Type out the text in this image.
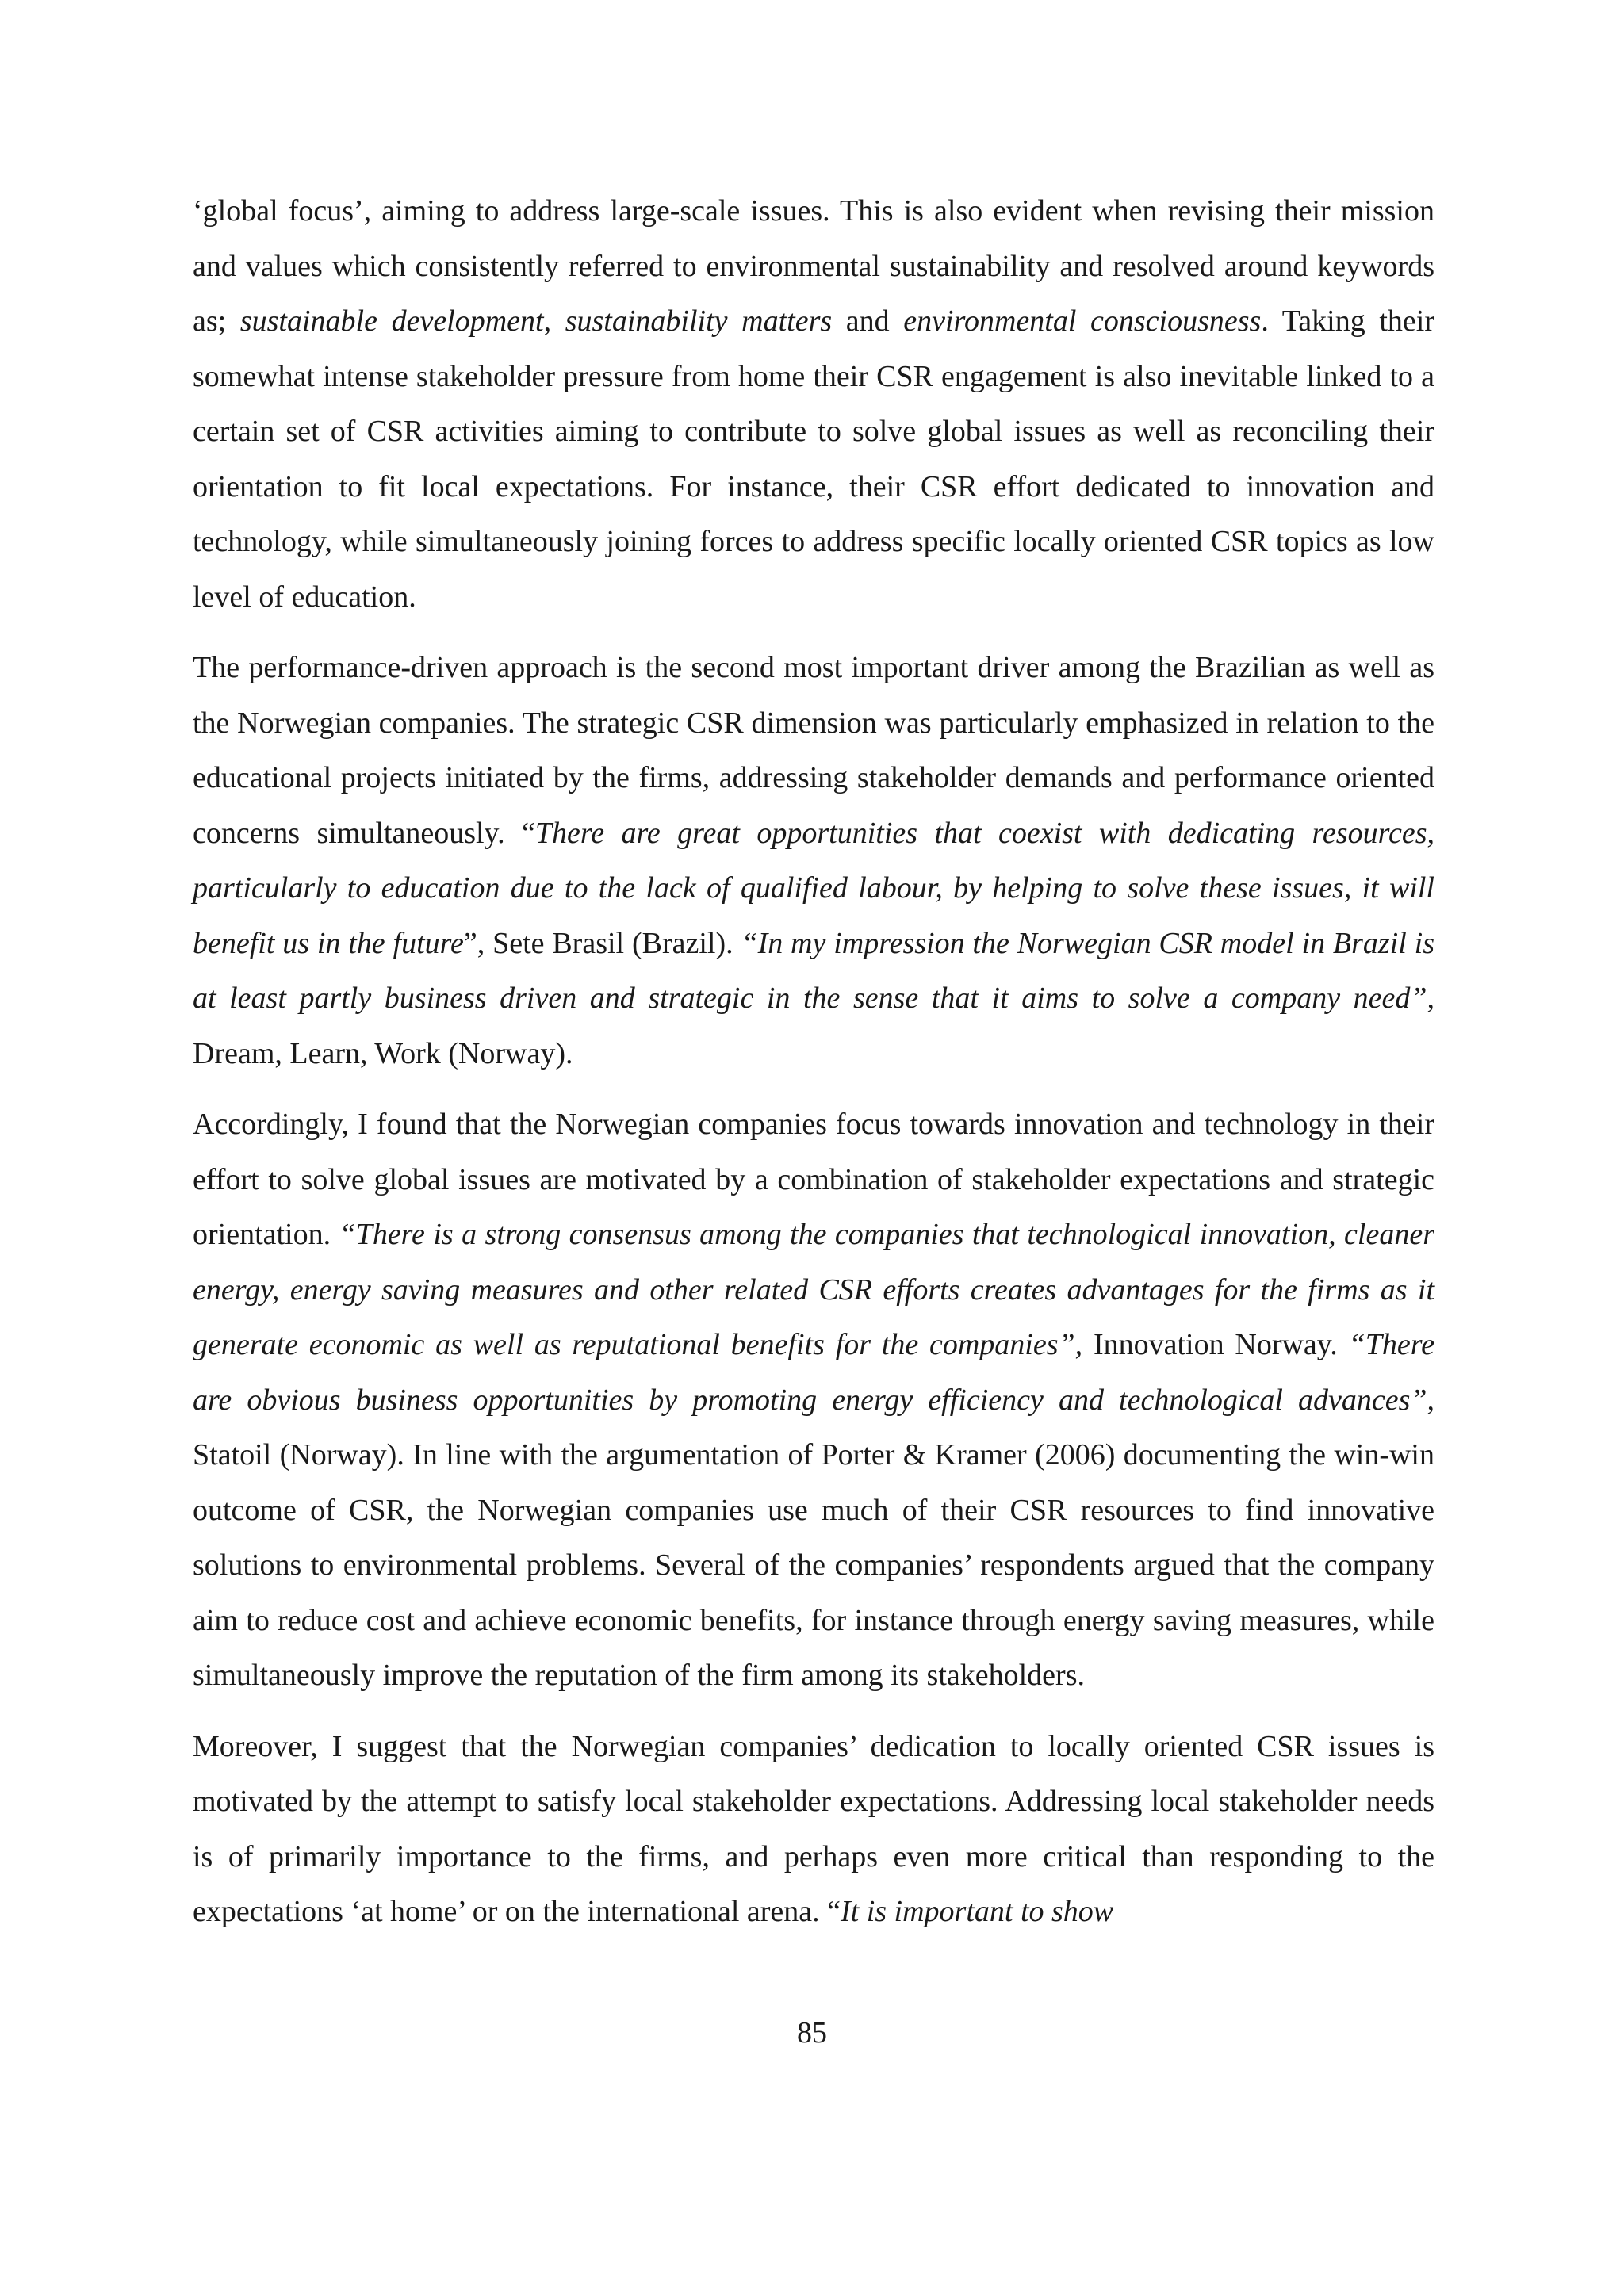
‘global focus’, aiming to address large-scale issues. This is also evident when revising their mission and values which consistently referred to environmental sustainability and resolved around keywords as; sustainable development, sustainability matters and environmental consciousness. Taking their somewhat intense stakeholder pressure from home their CSR engagement is also inevitable linked to a certain set of CSR activities aiming to contribute to solve global issues as well as reconciling their orientation to fit local expectations. For instance, their CSR effort dedicated to innovation and technology, while simultaneously joining forces to address specific locally oriented CSR topics as low level of education.

The performance-driven approach is the second most important driver among the Brazilian as well as the Norwegian companies. The strategic CSR dimension was particularly emphasized in relation to the educational projects initiated by the firms, addressing stakeholder demands and performance oriented concerns simultaneously. “There are great opportunities that coexist with dedicating resources, particularly to education due to the lack of qualified labour, by helping to solve these issues, it will benefit us in the future”, Sete Brasil (Brazil). “In my impression the Norwegian CSR model in Brazil is at least partly business driven and strategic in the sense that it aims to solve a company need”, Dream, Learn, Work (Norway).

Accordingly, I found that the Norwegian companies focus towards innovation and technology in their effort to solve global issues are motivated by a combination of stakeholder expectations and strategic orientation. “There is a strong consensus among the companies that technological innovation, cleaner energy, energy saving measures and other related CSR efforts creates advantages for the firms as it generate economic as well as reputational benefits for the companies”, Innovation Norway. “There are obvious business opportunities by promoting energy efficiency and technological advances”, Statoil (Norway). In line with the argumentation of Porter & Kramer (2006) documenting the win-win outcome of CSR, the Norwegian companies use much of their CSR resources to find innovative solutions to environmental problems. Several of the companies’ respondents argued that the company aim to reduce cost and achieve economic benefits, for instance through energy saving measures, while simultaneously improve the reputation of the firm among its stakeholders.

Moreover, I suggest that the Norwegian companies’ dedication to locally oriented CSR issues is motivated by the attempt to satisfy local stakeholder expectations. Addressing local stakeholder needs is of primarily importance to the firms, and perhaps even more critical than responding to the expectations ‘at home’ or on the international arena. “It is important to show

85
